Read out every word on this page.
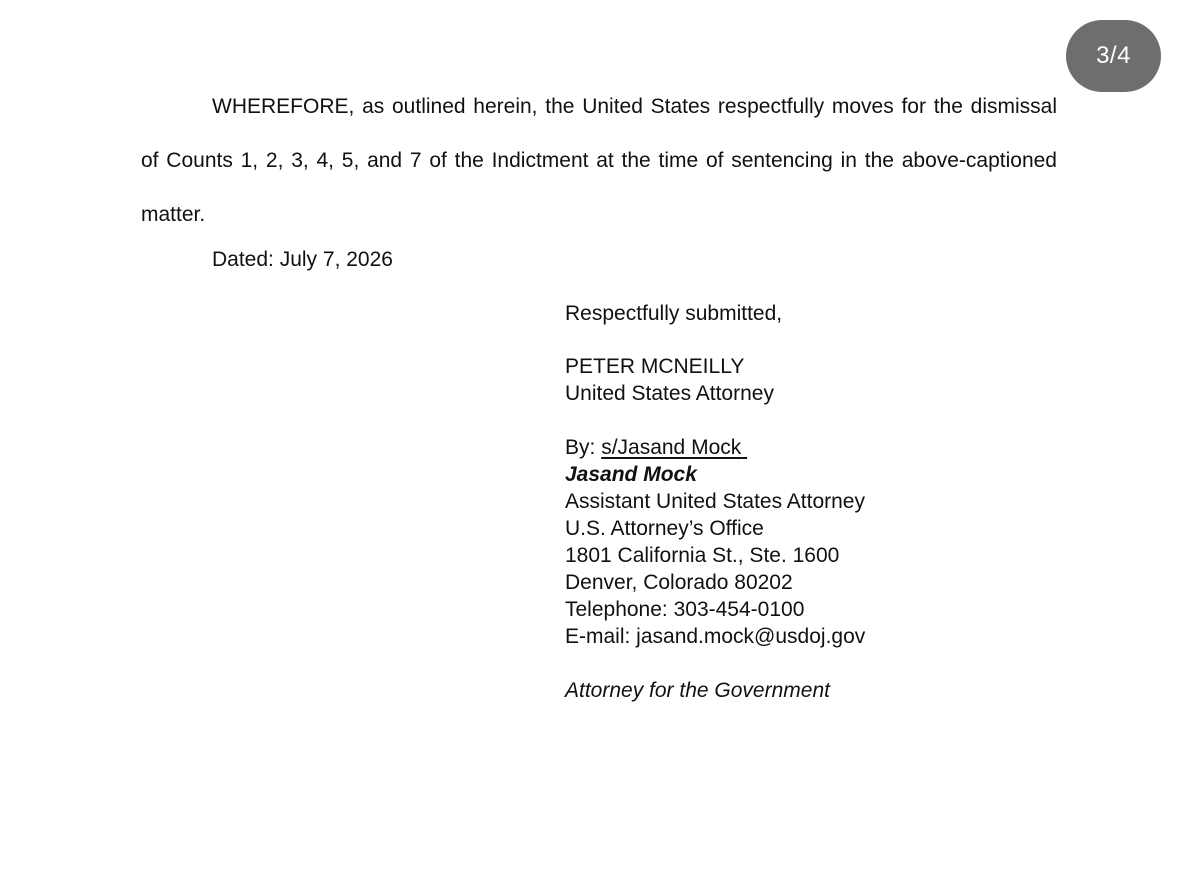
3/4

WHEREFORE, as outlined herein, the United States respectfully moves for the dismissal of Counts 1, 2, 3, 4, 5, and 7 of the Indictment at the time of sentencing in the above-captioned matter.

Dated: July 7, 2026

Respectfully submitted,
PETER MCNEILLY
United States Attorney
By: s/Jasand Mock
Jasand Mock
Assistant United States Attorney
U.S. Attorney’s Office
1801 California St., Ste. 1600
Denver, Colorado 80202
Telephone: 303-454-0100
E-mail: jasand.mock@usdoj.gov
Attorney for the Government
